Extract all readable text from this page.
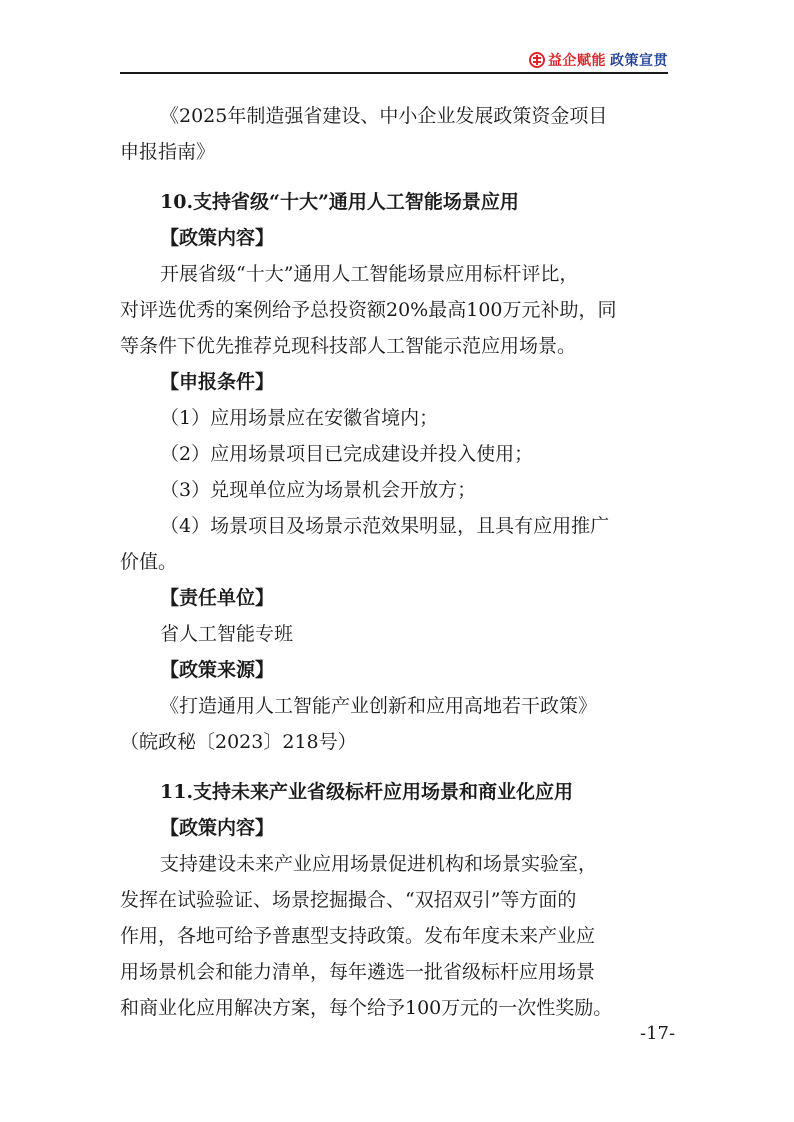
益企赋能 政策宣贯
《2025年制造强省建设、中小企业发展政策资金项目
申报指南》
10.支持省级“十大”通用人工智能场景应用
【政策内容】
开展省级“十大”通用人工智能场景应用标杆评比，
对评选优秀的案例给予总投资额20%最高100万元补助，同
等条件下优先推荐兑现科技部人工智能示范应用场景。
【申报条件】
（1）应用场景应在安徽省境内；
（2）应用场景项目已完成建设并投入使用；
（3）兑现单位应为场景机会开放方；
（4）场景项目及场景示范效果明显，且具有应用推广
价值。
【责任单位】
省人工智能专班
【政策来源】
《打造通用人工智能产业创新和应用高地若干政策》
（皖政秘〔2023〕218号）
11.支持未来产业省级标杆应用场景和商业化应用
【政策内容】
支持建设未来产业应用场景促进机构和场景实验室，
发挥在试验验证、场景挖掘撮合、“双招双引”等方面的
作用，各地可给予普惠型支持政策。发布年度未来产业应
用场景机会和能力清单，每年遴选一批省级标杆应用场景
和商业化应用解决方案，每个给予100万元的一次性奖励。
-17-
